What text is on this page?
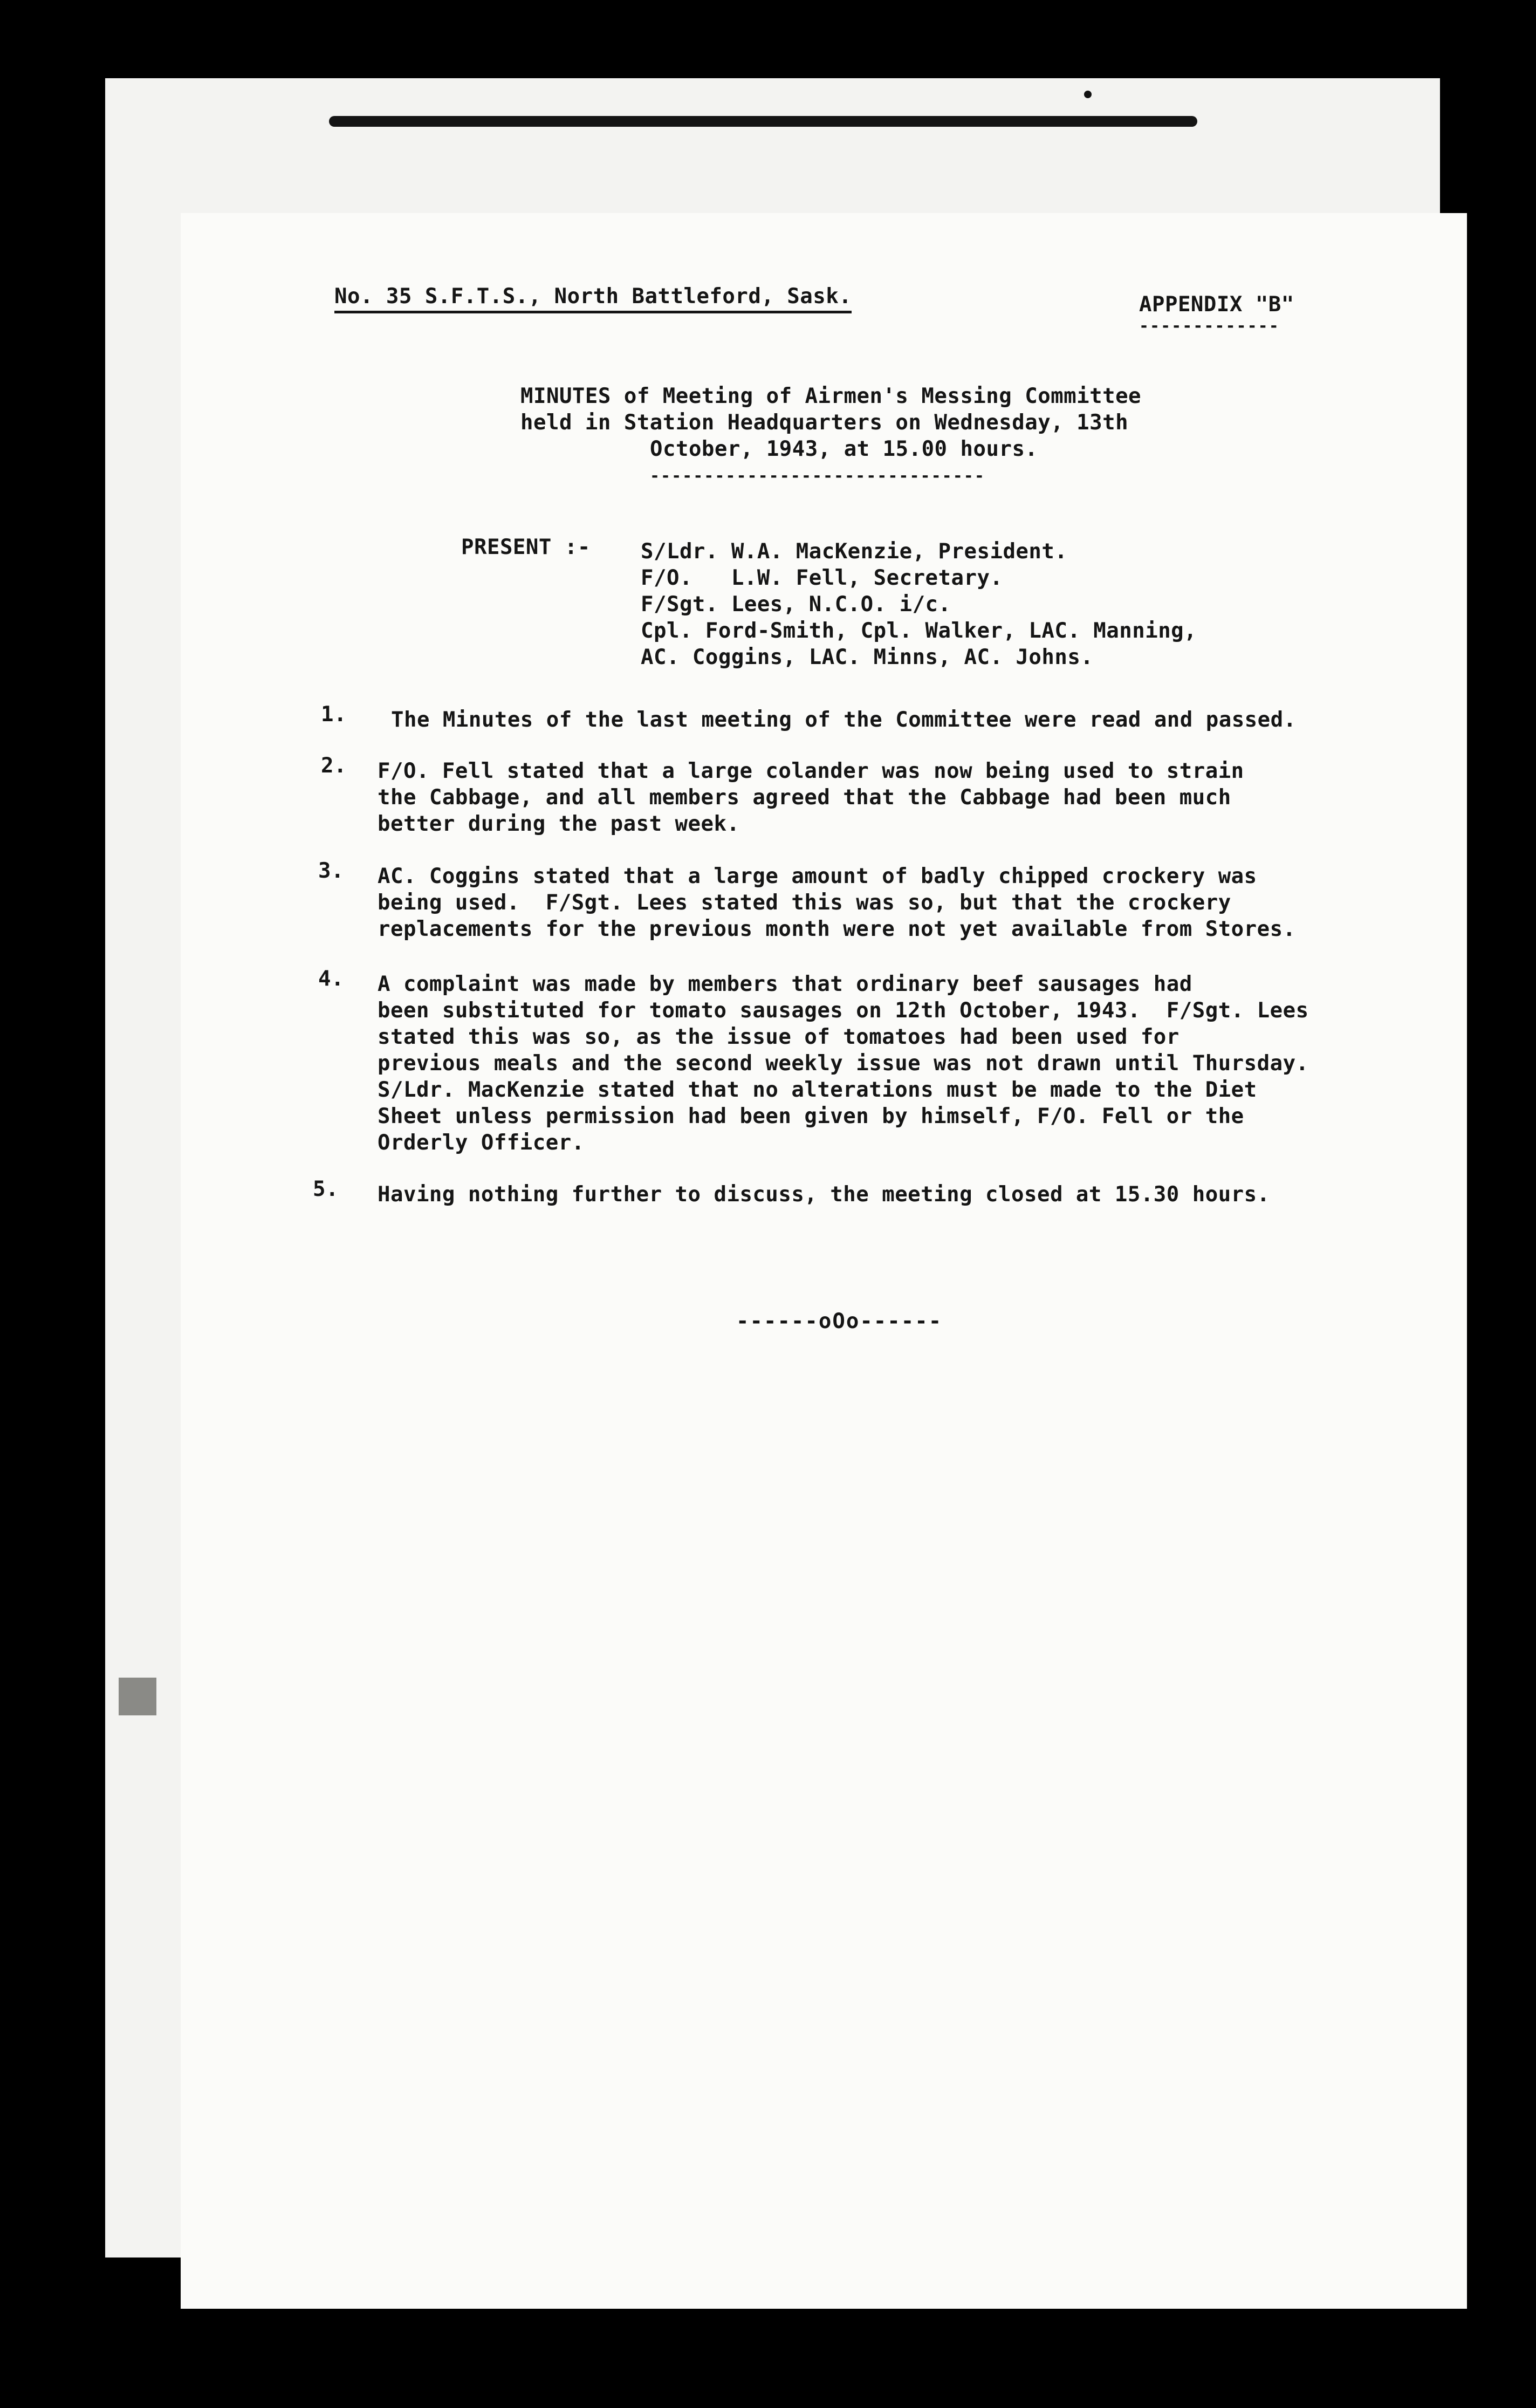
No. 35 S.F.T.S., North Battleford, Sask.	APPENDIX "B"
-------------
MINUTES of Meeting of Airmen's Messing Committee
held in Station Headquarters on Wednesday, 13th
October, 1943, at 15.00 hours.
-------------------------------
PRESENT :- S/Ldr. W.A. MacKenzie, President.
F/O.   L.W. Fell, Secretary.
F/Sgt. Lees, N.C.O. i/c.
Cpl. Ford-Smith, Cpl. Walker, LAC. Manning,
AC. Coggins, LAC. Minns, AC. Johns.
1. The Minutes of the last meeting of the Committee were read and passed.
2. F/O. Fell stated that a large colander was now being used to strain
the Cabbage, and all members agreed that the Cabbage had been much
better during the past week.
3. AC. Coggins stated that a large amount of badly chipped crockery was
being used.  F/Sgt. Lees stated this was so, but that the crockery
replacements for the previous month were not yet available from Stores.
4. A complaint was made by members that ordinary beef sausages had
been substituted for tomato sausages on 12th October, 1943.  F/Sgt. Lees
stated this was so, as the issue of tomatoes had been used for
previous meals and the second weekly issue was not drawn until Thursday.
S/Ldr. MacKenzie stated that no alterations must be made to the Diet
Sheet unless permission had been given by himself, F/O. Fell or the
Orderly Officer.
5. Having nothing further to discuss, the meeting closed at 15.30 hours.
------oOo------
